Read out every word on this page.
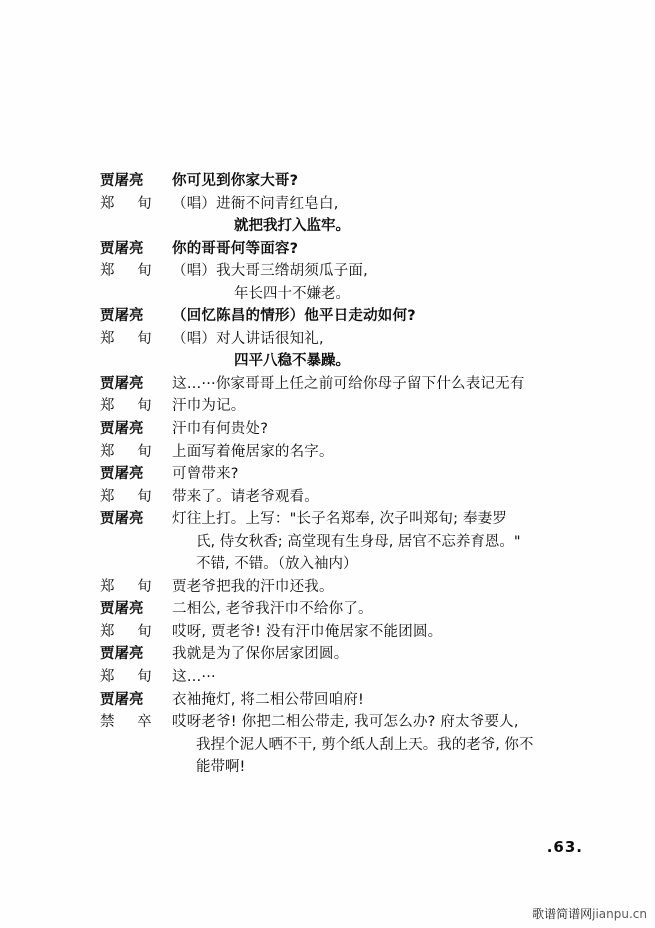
贾屠亮	你可见到你家大哥?
郑 旬 （唱）进衙不问青红皂白,
就把我打入监牢。
贾屠亮	你的哥哥何等面容?
郑 旬 （唱）我大哥三绺胡须瓜子面,
年长四十不嫌老。
贾屠亮	（回忆陈昌的情形）他平日走动如何?
郑 旬 （唱）对人讲话很知礼,
四平八稳不暴躁。
贾屠亮	这…···你家哥哥上任之前可给你母子留下什么表记无有
郑 旬 汗巾为记。
贾屠亮	汗巾有何贵处?
郑 旬 上面写着俺居家的名字。
贾屠亮	可曾带来?
郑 旬 带来了。请老爷观看。
贾屠亮	灯往上打。上写："长子名郑奉, 次子叫郑旬; 奉妻罗
氏, 侍女秋香; 高堂现有生身母, 居官不忘养育恩。"
不错, 不错。（放入袖内）
郑 旬 贾老爷把我的汗巾还我。
贾屠亮	二相公, 老爷我汗巾不给你了。
郑 旬 哎呀, 贾老爷! 没有汗巾俺居家不能团圆。
贾屠亮	我就是为了保你居家团圆。
郑 旬 这…···
贾屠亮	衣袖掩灯, 将二相公带回咱府!
禁 卒 哎呀老爷! 你把二相公带走, 我可怎么办? 府太爷要人,
我捏个泥人晒不干, 剪个纸人刮上天。我的老爷, 你不
能带啊!
.63.
歌谱简谱网jianpu.cn
